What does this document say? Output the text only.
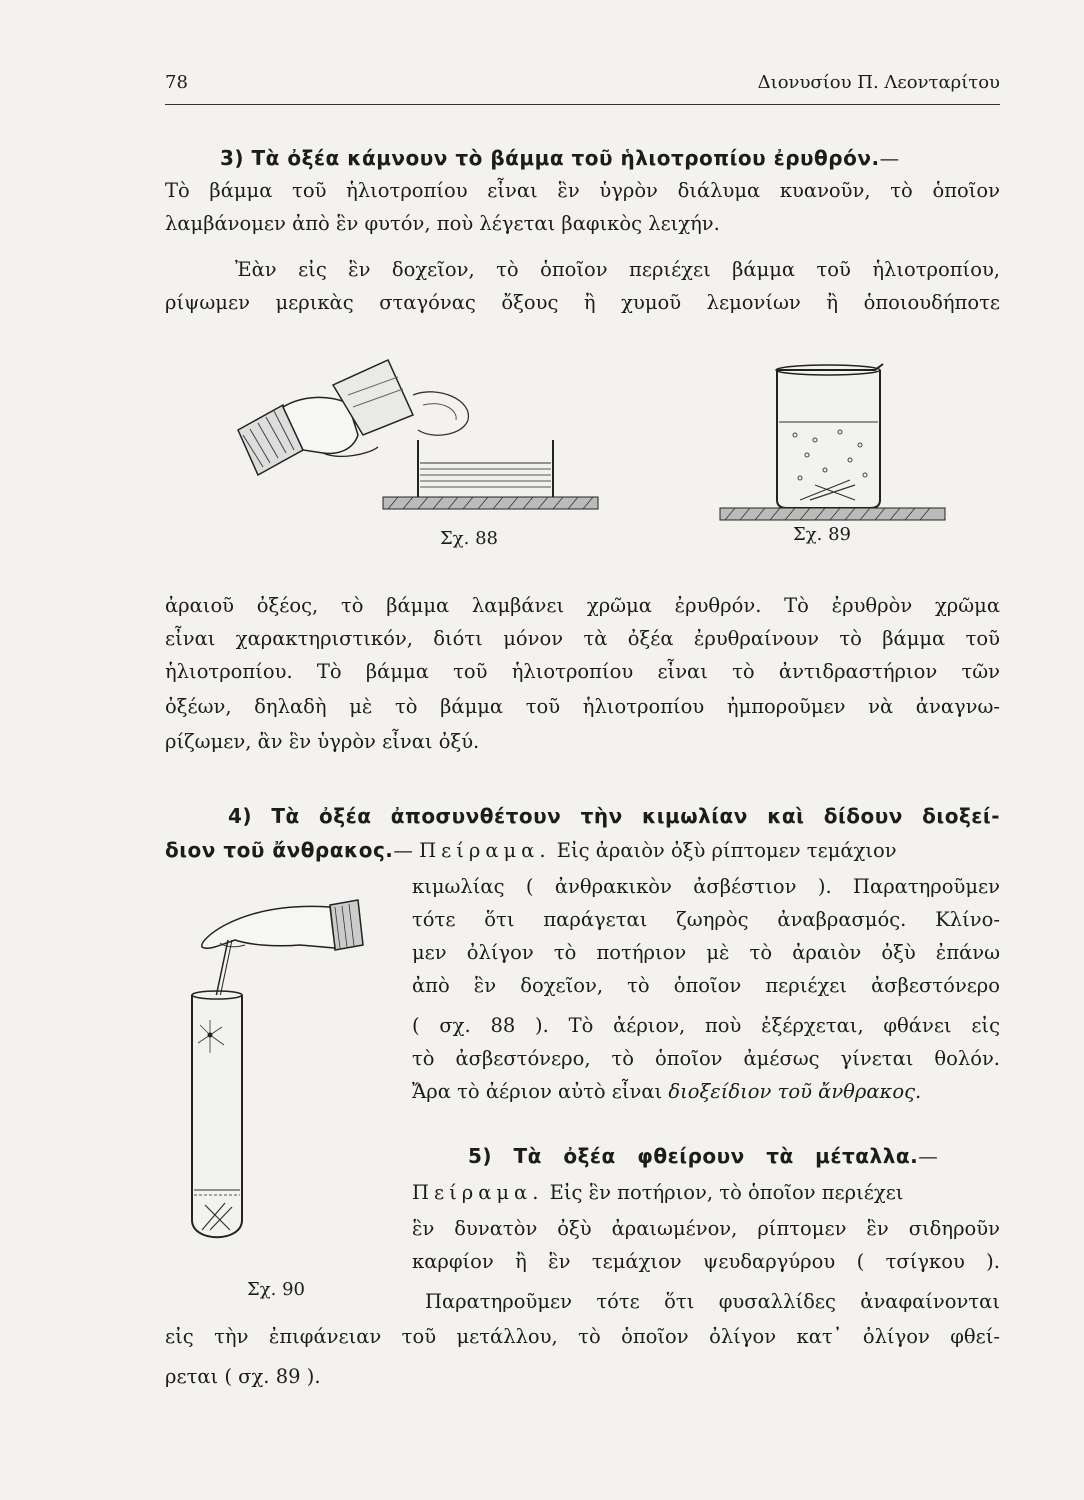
78	Διονυσίου Π. Λεονταρίτου
3) Τὰ ὀξέα κάμνουν τὸ βάμμα τοῦ ἡλιοτροπίου ἐρυθρόν.—
Τὸ βάμμα τοῦ ἡλιοτροπίου εἶναι ἓν ὑγρὸν διάλυμα κυανοῦν, τὸ ὁποῖον
λαμβάνομεν ἀπὸ ἓν φυτόν, ποὺ λέγεται βαφικὸς λειχήν.
Ἐὰν εἰς ἓν δοχεῖον, τὸ ὁποῖον περιέχει βάμμα τοῦ ἡλιοτροπίου,
ρίψωμεν μερικὰς σταγόνας ὄξους ἢ χυμοῦ λεμονίων ἢ ὁποιουδήποτε
Σχ. 88	Σχ. 89
ἀραιοῦ ὀξέος, τὸ βάμμα λαμβάνει χρῶμα ἐρυθρόν. Τὸ ἐρυθρὸν χρῶμα
εἶναι χαρακτηριστικόν, διότι μόνον τὰ ὀξέα ἐρυθραίνουν τὸ βάμμα τοῦ
ἡλιοτροπίου. Τὸ βάμμα τοῦ ἡλιοτροπίου εἶναι τὸ ἀντιδραστήριον τῶν
ὀξέων, δηλαδὴ μὲ τὸ βάμμα τοῦ ἡλιοτροπίου ἠμποροῦμεν νὰ ἀναγνω-
ρίζωμεν, ἂν ἓν ὑγρὸν εἶναι ὀξύ.
4) Τὰ ὀξέα ἀποσυνθέτουν τὴν κιμωλίαν καὶ δίδουν διοξεί-
διον τοῦ ἄνθρακος.— Πείραμα. Εἰς ἀραιὸν ὀξὺ ρίπτομεν τεμάχιον
κιμωλίας ( ἀνθρακικὸν ἀσβέστιον ). Παρατηροῦμεν
τότε ὅτι παράγεται ζωηρὸς ἀναβρασμός. Κλίνο-
μεν ὀλίγον τὸ ποτήριον μὲ τὸ ἀραιὸν ὀξὺ ἐπάνω
ἀπὸ ἓν δοχεῖον, τὸ ὁποῖον περιέχει ἀσβεστόνερο
( σχ. 88 ). Τὸ ἀέριον, ποὺ ἐξέρχεται, φθάνει εἰς
τὸ ἀσβεστόνερο, τὸ ὁποῖον ἀμέσως γίνεται θολόν.
Ἄρα τὸ ἀέριον αὐτὸ εἶναι διοξείδιον τοῦ ἄνθρακος.
Σχ. 90
5) Τὰ ὀξέα φθείρουν τὰ μέταλλα.—
Πείραμα. Εἰς ἓν ποτήριον, τὸ ὁποῖον περιέχει
ἓν δυνατὸν ὀξὺ ἀραιωμένον, ρίπτομεν ἓν σιδηροῦν
καρφίον ἢ ἓν τεμάχιον ψευδαργύρου ( τσίγκου ).
Παρατηροῦμεν τότε ὅτι φυσαλλίδες ἀναφαίνονται
εἰς τὴν ἐπιφάνειαν τοῦ μετάλλου, τὸ ὁποῖον ὀλίγον κατ᾽ ὀλίγον φθεί-
ρεται ( σχ. 89 ).
